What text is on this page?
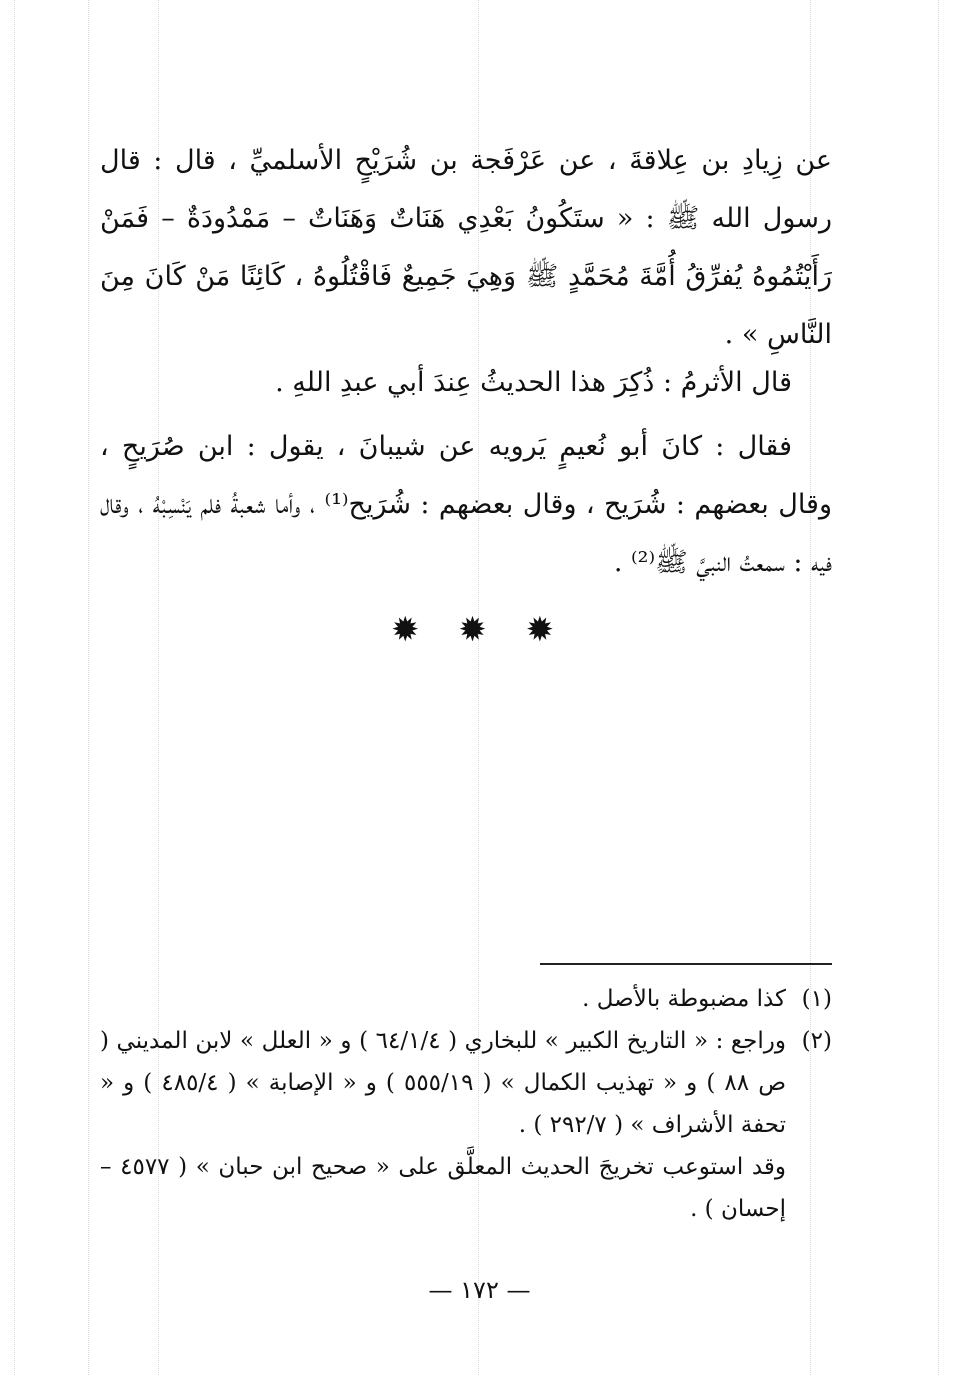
عن زِيادِ بن عِلاقةَ ، عن عَرْفَجة بن شُرَيْحٍ الأسلميِّ ، قال : قال رسول الله ﷺ : « ستَكُونُ بَعْدِي هَنَاتٌ وَهَنَاتٌ – مَمْدُودَةٌ – فَمَنْ رَأَيْتُمُوهُ يُفرِّقُ أُمَّةَ مُحَمَّدٍ ﷺ وَهِيَ جَمِيعٌ فَاقْتُلُوهُ ، كَائِنًا مَنْ كَانَ مِنَ النَّاسِ » .
قال الأثرمُ : ذُكِرَ هذا الحديثُ عِندَ أبي عبدِ اللهِ .
فقال : كانَ أبو نُعيمٍ يَرويه عن شيبانَ ، يقول : ابن صُرَيحٍ ، وقال بعضهم : شُرَيح ، وقال بعضهم : شُرَيح⁽¹⁾ ، وأما شعبةُ فلم يَنْسِبْهُ ، وقال فيه : سمعتُ النبيَّ ﷺ⁽²⁾ .
✹ ✹ ✹
(١)
كذا مضبوطة بالأصل .
(٢)
وراجع : « التاريخ الكبير » للبخاري ( ٦٤/١/٤ ) و « العلل » لابن المديني ( ص ٨٨ ) و « تهذيب الكمال » ( ٥٥٥/١٩ ) و « الإصابة » ( ٤٨٥/٤ ) و « تحفة الأشراف » ( ٢٩٢/٧ ) .
وقد استوعب تخريجَ الحديث المعلَّق على « صحيح ابن حبان » ( ٤٥٧٧ – إحسان ) .
— ١٧٢ —
